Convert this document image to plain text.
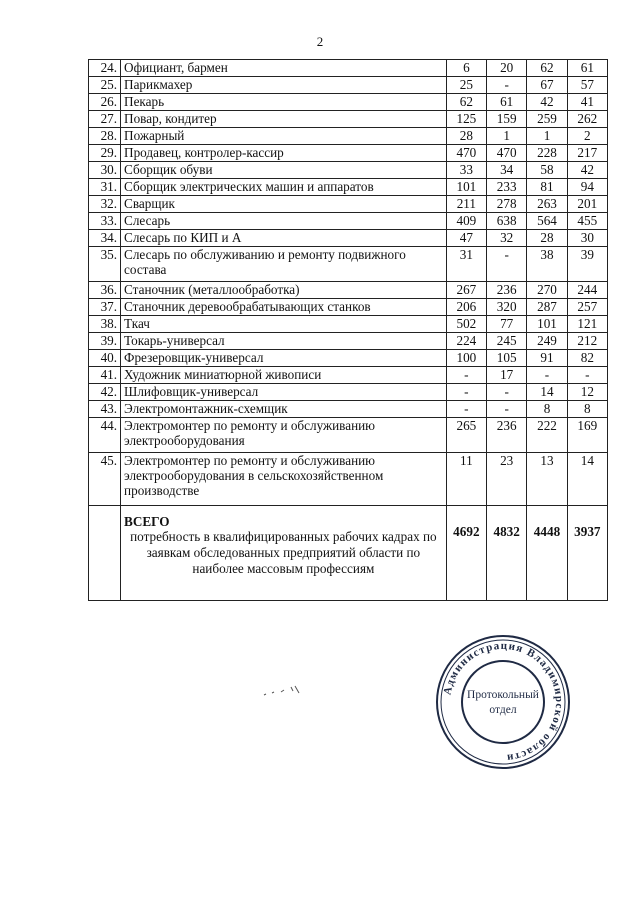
2
24.	Официант, бармен	6	20	62	61
25.	Парикмахер	25	-	67	57
26.	Пекарь	62	61	42	41
27.	Повар, кондитер	125	159	259	262
28.	Пожарный	28	1	1	2
29.	Продавец, контролер-кассир	470	470	228	217
30.	Сборщик обуви	33	34	58	42
31.	Сборщик электрических машин и аппаратов	101	233	81	94
32.	Сварщик	211	278	263	201
33.	Слесарь	409	638	564	455
34.	Слесарь по КИП и А	47	32	28	30
35.	Слесарь по обслуживанию и ремонту подвижного состава	31	-	38	39
36.	Станочник (металлообработка)	267	236	270	244
37.	Станочник деревообрабатывающих станков	206	320	287	257
38.	Ткач	502	77	101	121
39.	Токарь-универсал	224	245	249	212
40.	Фрезеровщик-универсал	100	105	91	82
41.	Художник миниатюрной живописи	-	17	-	-
42.	Шлифовщик-универсал	-	-	14	12
43.	Электромонтажник-схемщик	-	-	8	8
44.	Электромонтер по ремонту и обслуживанию электрооборудования	265	236	222	169
45.	Электромонтер по ремонту и обслуживанию электрооборудования в сельскохозяйственном производстве	11	23	13	14

	ВСЕГО
потребность в квалифицированных рабочих кадрах по заявкам обследованных предприятий области по наиболее массовым профессиям	4692	4832	4448	3937
Администрация Владимирской области
Протокольный
отдел
